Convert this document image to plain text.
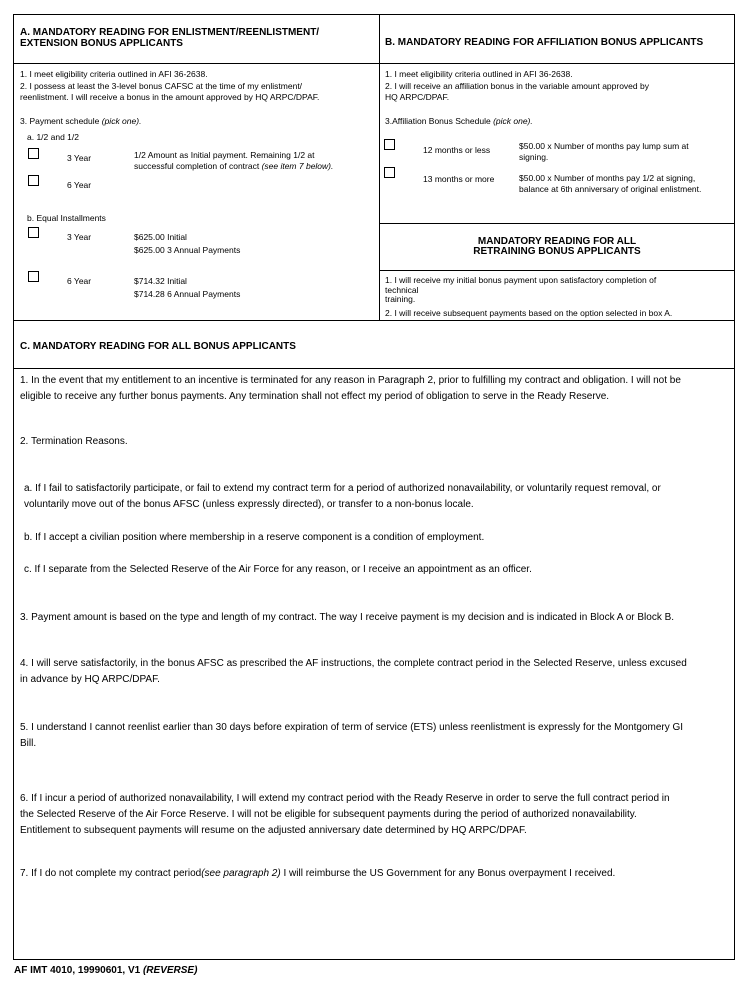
A. MANDATORY READING FOR ENLISTMENT/REENLISTMENT/
EXTENSION BONUS APPLICANTS
1. I meet eligibility criteria outlined in AFI 36-2638.
2. I possess at least the 3-level bonus CAFSC at the time of my enlistment/
reenlistment. I will receive a bonus in the amount approved by HQ ARPC/DPAF.
3. Payment schedule (pick one).
a. 1/2 and 1/2
3 Year	1/2 Amount as Initial payment. Remaining 1/2 at
successful completion of contract (see item 7 below).
6 Year
b. Equal Installments
3 Year	$625.00 Initial
$625.00 3 Annual Payments
6 Year	$714.32 Initial
$714.28 6 Annual Payments
B. MANDATORY READING FOR AFFILIATION BONUS APPLICANTS
1. I meet eligibility criteria outlined in AFI 36-2638.
2. I will receive an affiliation bonus in the variable amount approved by
HQ ARPC/DPAF.
3.Affiliation Bonus Schedule (pick one).
12 months or less	$50.00 x Number of months pay lump sum at
signing.
13 months or more	$50.00 x Number of months pay 1/2 at signing,
balance at 6th anniversary of original enlistment.
MANDATORY READING FOR ALL
RETRAINING BONUS APPLICANTS
1. I will receive my initial bonus payment upon satisfactory completion of
technical
training.
2. I will receive subsequent payments based on the option selected in box A.
C. MANDATORY READING FOR ALL BONUS APPLICANTS
1. In the event that my entitlement to an incentive is terminated for any reason in Paragraph 2, prior to fulfilling my contract and obligation. I will not be
eligible to receive any further bonus payments. Any termination shall not effect my period of obligation to serve in the Ready Reserve.
2. Termination Reasons.
a. If I fail to satisfactorily participate, or fail to extend my contract term for a period of authorized nonavailability, or voluntarily request removal, or
voluntarily move out of the bonus AFSC (unless expressly directed), or transfer to a non-bonus locale.
b. If I accept a civilian position where membership in a reserve component is a condition of employment.
c. If I separate from the Selected Reserve of the Air Force for any reason, or I receive an appointment as an officer.
3. Payment amount is based on the type and length of my contract. The way I receive payment is my decision and is indicated in Block A or Block B.
4. I will serve satisfactorily, in the bonus AFSC as prescribed the AF instructions, the complete contract period in the Selected Reserve, unless excused
in advance by HQ ARPC/DPAF.
5. I understand I cannot reenlist earlier than 30 days before expiration of term of service (ETS) unless reenlistment is expressly for the Montgomery GI
Bill.
6. If I incur a period of authorized nonavailability, I will extend my contract period with the Ready Reserve in order to serve the full contract period in
the Selected Reserve of the Air Force Reserve. I will not be eligible for subsequent payments during the period of authorized nonavailability.
Entitlement to subsequent payments will resume on the adjusted anniversary date determined by HQ ARPC/DPAF.
7. If I do not complete my contract period(see paragraph 2) I will reimburse the US Government for any Bonus overpayment I received.
AF IMT 4010, 19990601, V1 (REVERSE)
